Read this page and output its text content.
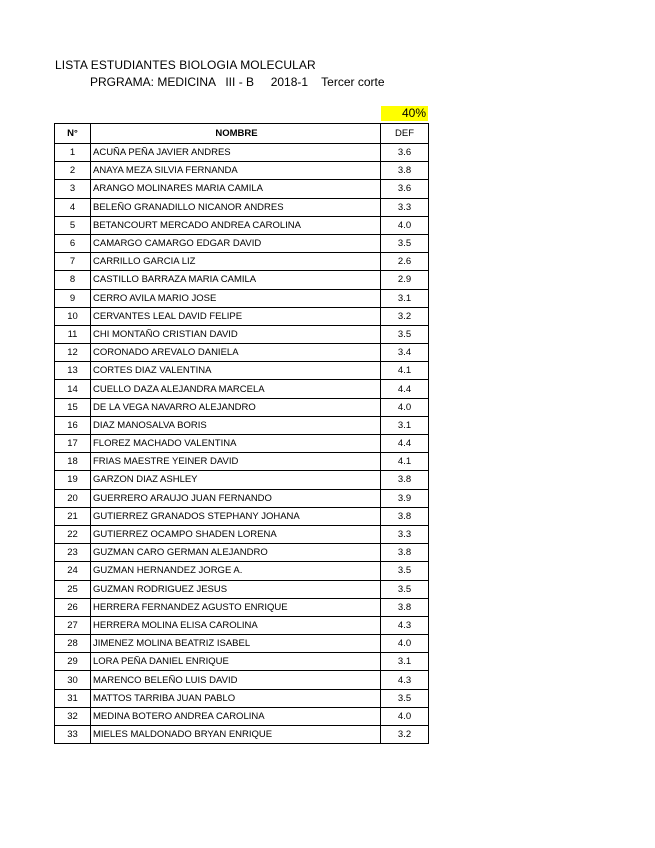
LISTA ESTUDIANTES BIOLOGIA MOLECULAR
PRGRAMA: MEDICINA   III - B     2018-1    Tercer corte
40%
N°	NOMBRE	DEF
1	ACUÑA PEÑA JAVIER ANDRES	3.6
2	ANAYA MEZA SILVIA FERNANDA	3.8
3	ARANGO MOLINARES MARIA CAMILA	3.6
4	BELEÑO GRANADILLO NICANOR ANDRES	3.3
5	BETANCOURT MERCADO ANDREA CAROLINA	4.0
6	CAMARGO CAMARGO EDGAR DAVID	3.5
7	CARRILLO GARCIA LIZ	2.6
8	CASTILLO BARRAZA MARIA CAMILA	2.9
9	CERRO AVILA MARIO JOSE	3.1
10	CERVANTES LEAL DAVID FELIPE	3.2
11	CHI MONTAÑO CRISTIAN DAVID	3.5
12	CORONADO AREVALO DANIELA	3.4
13	CORTES DIAZ VALENTINA	4.1
14	CUELLO DAZA ALEJANDRA MARCELA	4.4
15	DE LA VEGA NAVARRO ALEJANDRO	4.0
16	DIAZ MANOSALVA BORIS	3.1
17	FLOREZ MACHADO VALENTINA	4.4
18	FRIAS MAESTRE YEINER DAVID	4.1
19	GARZON DIAZ ASHLEY	3.8
20	GUERRERO ARAUJO JUAN FERNANDO	3.9
21	GUTIERREZ GRANADOS STEPHANY JOHANA	3.8
22	GUTIERREZ OCAMPO SHADEN LORENA	3.3
23	GUZMAN CARO GERMAN ALEJANDRO	3.8
24	GUZMAN HERNANDEZ JORGE A.	3.5
25	GUZMAN RODRIGUEZ JESUS	3.5
26	HERRERA FERNANDEZ AGUSTO ENRIQUE	3.8
27	HERRERA MOLINA ELISA CAROLINA	4.3
28	JIMENEZ MOLINA BEATRIZ ISABEL	4.0
29	LORA PEÑA DANIEL ENRIQUE	3.1
30	MARENCO BELEÑO LUIS DAVID	4.3
31	MATTOS TARRIBA JUAN PABLO	3.5
32	MEDINA BOTERO ANDREA CAROLINA	4.0
33	MIELES MALDONADO BRYAN ENRIQUE	3.2
